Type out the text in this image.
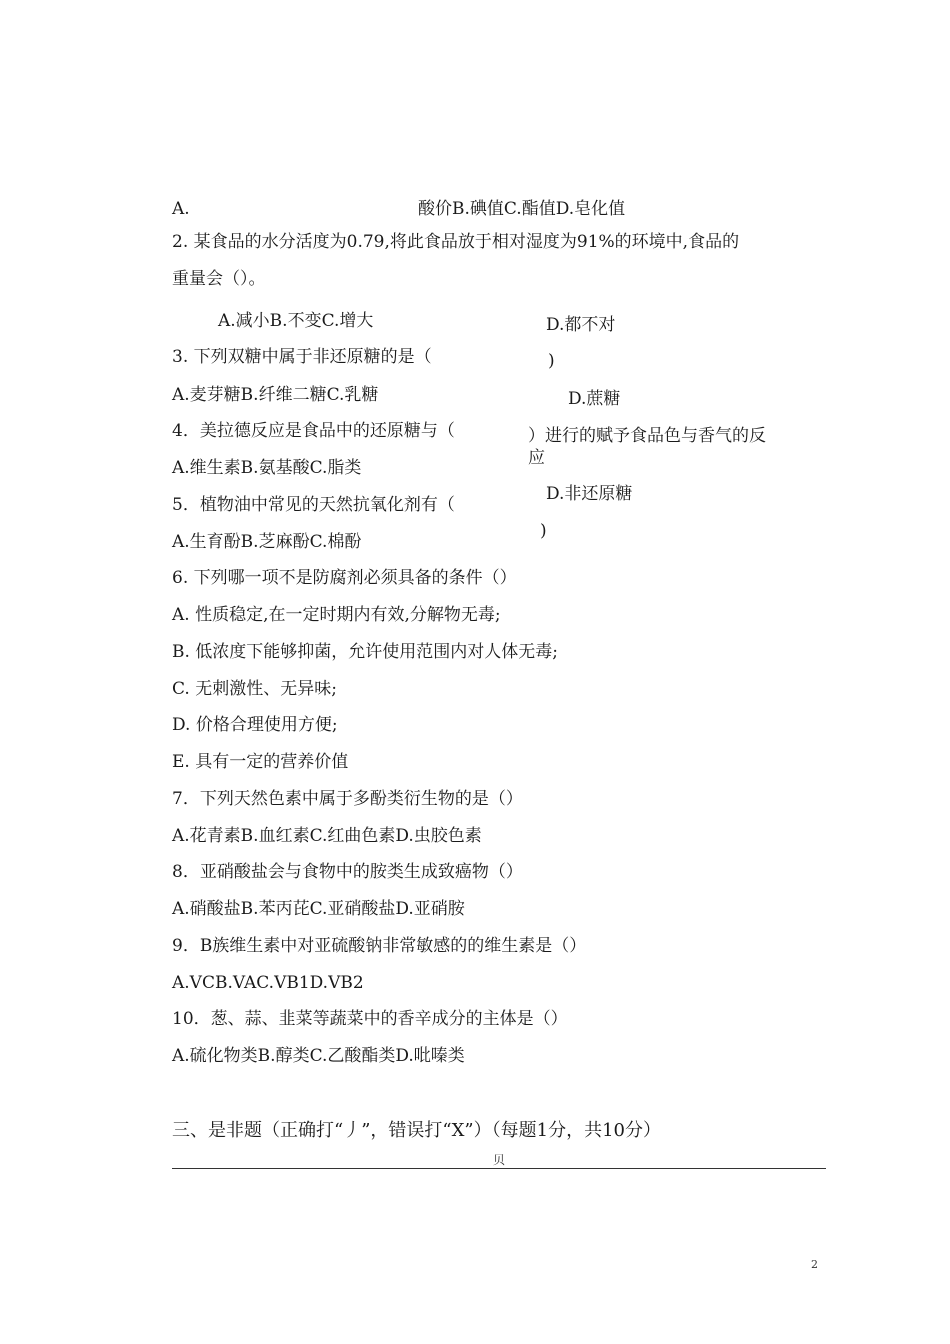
A.	酸价B.碘值C.酯值D.皂化值
2. 某食品的水分活度为0.79,将此食品放于相对湿度为91%的环境中,食品的
重量会（）。
A.减小B.不变C.增大	D.都不对
3. 下列双糖中属于非还原糖的是（	)
A.麦芽糖B.纤维二糖C.乳糖	D.蔗糖
4．美拉德反应是食品中的还原糖与（	）进行的赋予食品色与香气的反
应
A.维生素B.氨基酸C.脂类
D.非还原糖
5．植物油中常见的天然抗氧化剂有（
)
A.生育酚B.芝麻酚C.棉酚
6. 下列哪一项不是防腐剂必须具备的条件（）
A. 性质稳定,在一定时期内有效,分解物无毒;
B. 低浓度下能够抑菌，允许使用范围内对人体无毒;
C. 无刺激性、无异味;
D. 价格合理使用方便;
E. 具有一定的营养价值
7．下列天然色素中属于多酚类衍生物的是（）
A.花青素B.血红素C.红曲色素D.虫胶色素
8．亚硝酸盐会与食物中的胺类生成致癌物（）
A.硝酸盐B.苯丙芘C.亚硝酸盐D.亚硝胺
9．B族维生素中对亚硫酸钠非常敏感的的维生素是（）
A.VCB.VAC.VB1D.VB2
10．葱、蒜、韭菜等蔬菜中的香辛成分的主体是（）
A.硫化物类B.醇类C.乙酸酯类D.吡嗪类
三、是非题（正确打“丿”，错误打“X”）（每题1分，共10分）
贝
2
